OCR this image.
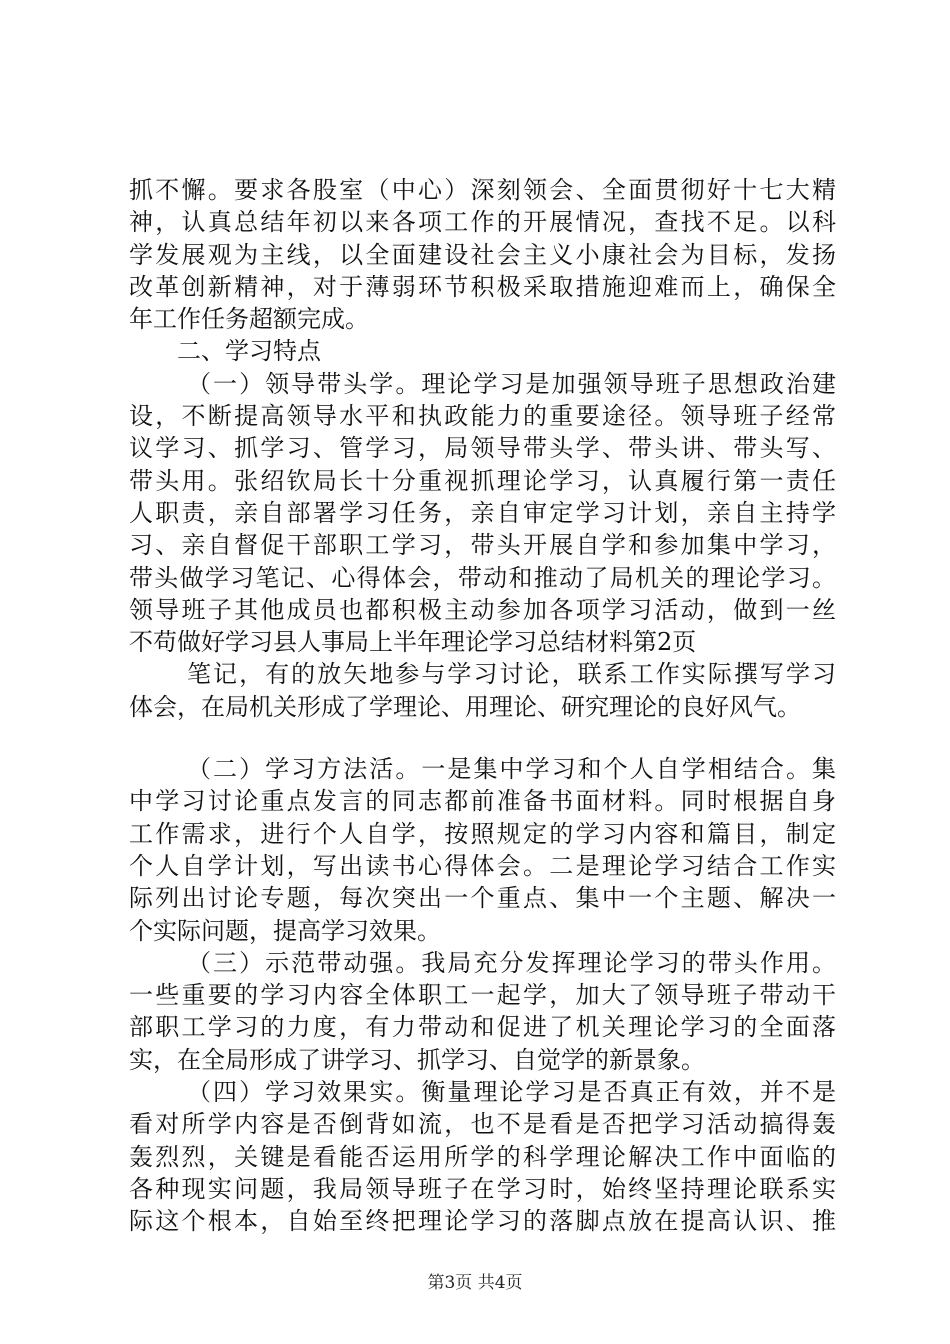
抓不懈。要求各股室（中心）深刻领会、全面贯彻好十七大精
神，认真总结年初以来各项工作的开展情况，查找不足。以科
学发展观为主线，以全面建设社会主义小康社会为目标，发扬
改革创新精神，对于薄弱环节积极采取措施迎难而上，确保全
年工作任务超额完成。
二、学习特点
（一）领导带头学。理论学习是加强领导班子思想政治建
设，不断提高领导水平和执政能力的重要途径。领导班子经常
议学习、抓学习、管学习，局领导带头学、带头讲、带头写、
带头用。张绍钦局长十分重视抓理论学习，认真履行第一责任
人职责，亲自部署学习任务，亲自审定学习计划，亲自主持学
习、亲自督促干部职工学习，带头开展自学和参加集中学习，
带头做学习笔记、心得体会，带动和推动了局机关的理论学习。
领导班子其他成员也都积极主动参加各项学习活动，做到一丝
不苟做好学习县人事局上半年理论学习总结材料第2页
笔记，有的放矢地参与学习讨论，联系工作实际撰写学习
体会，在局机关形成了学理论、用理论、研究理论的良好风气。
（二）学习方法活。一是集中学习和个人自学相结合。集
中学习讨论重点发言的同志都前准备书面材料。同时根据自身
工作需求，进行个人自学，按照规定的学习内容和篇目，制定
个人自学计划，写出读书心得体会。二是理论学习结合工作实
际列出讨论专题，每次突出一个重点、集中一个主题、解决一
个实际问题，提高学习效果。
（三）示范带动强。我局充分发挥理论学习的带头作用。
一些重要的学习内容全体职工一起学，加大了领导班子带动干
部职工学习的力度，有力带动和促进了机关理论学习的全面落
实，在全局形成了讲学习、抓学习、自觉学的新景象。
（四）学习效果实。衡量理论学习是否真正有效，并不是
看对所学内容是否倒背如流，也不是看是否把学习活动搞得轰
轰烈烈，关键是看能否运用所学的科学理论解决工作中面临的
各种现实问题，我局领导班子在学习时，始终坚持理论联系实
际这个根本，自始至终把理论学习的落脚点放在提高认识、推
第3页 共4页
